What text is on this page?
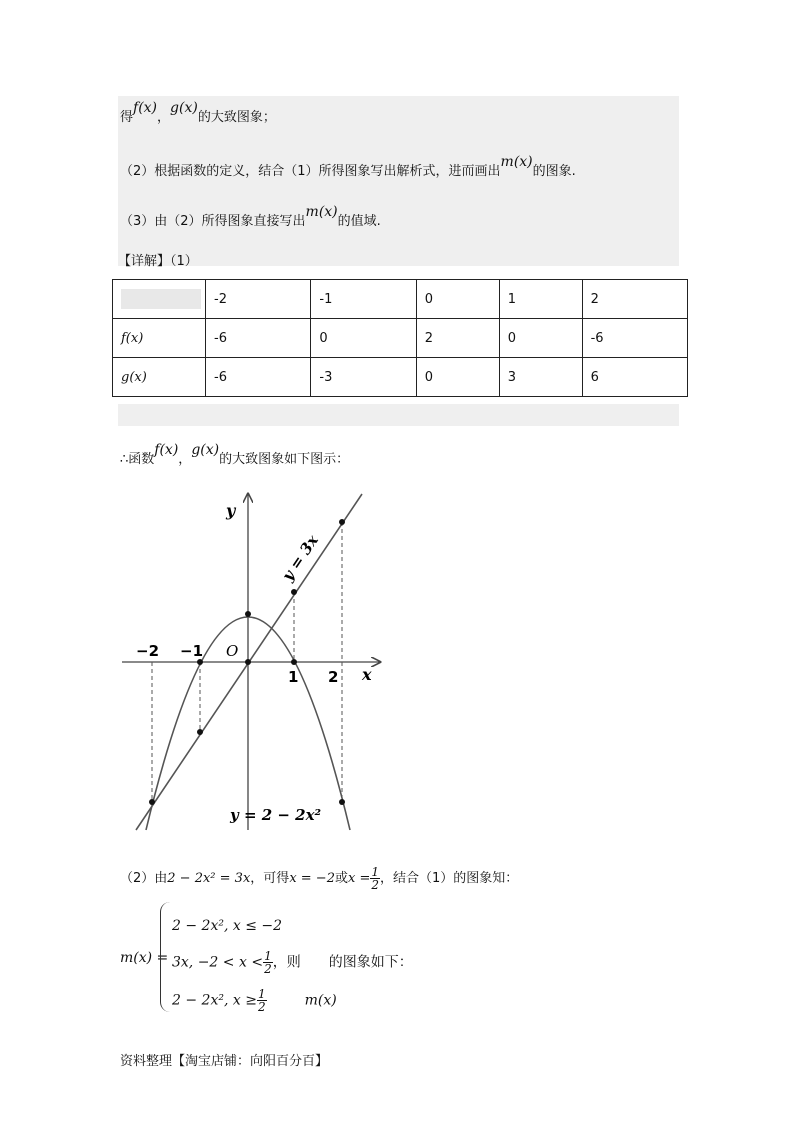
得f(x)，g(x)的大致图象；
（2）根据函数的定义，结合（1）所得图象写出解析式，进而画出m(x)的图象.
（3）由（2）所得图象直接写出m(x)的值域.
【详解】（1）
	-2	-1	0	1	2
f(x)	-6	0	2	0	-6
g(x)	-6	-3	0	3	6
∴函数f(x)，g(x)的大致图象如下图示：
y
x
O
−2 −1
1 2
y = 3x
y = 2 − 2x²
（2）由2 − 2x² = 3x，可得x = −2或$x = \frac{1}{2}$ ，结合（1）的图象知：
m(x) =
2 − 2x², x ≤ −2
3x, $-2 < x < \frac{1}{2}$ ，则 的图象如下：
2 − 2x², $x \ge \frac{1}{2}$	m(x)
资料整理【淘宝店铺：向阳百分百】
